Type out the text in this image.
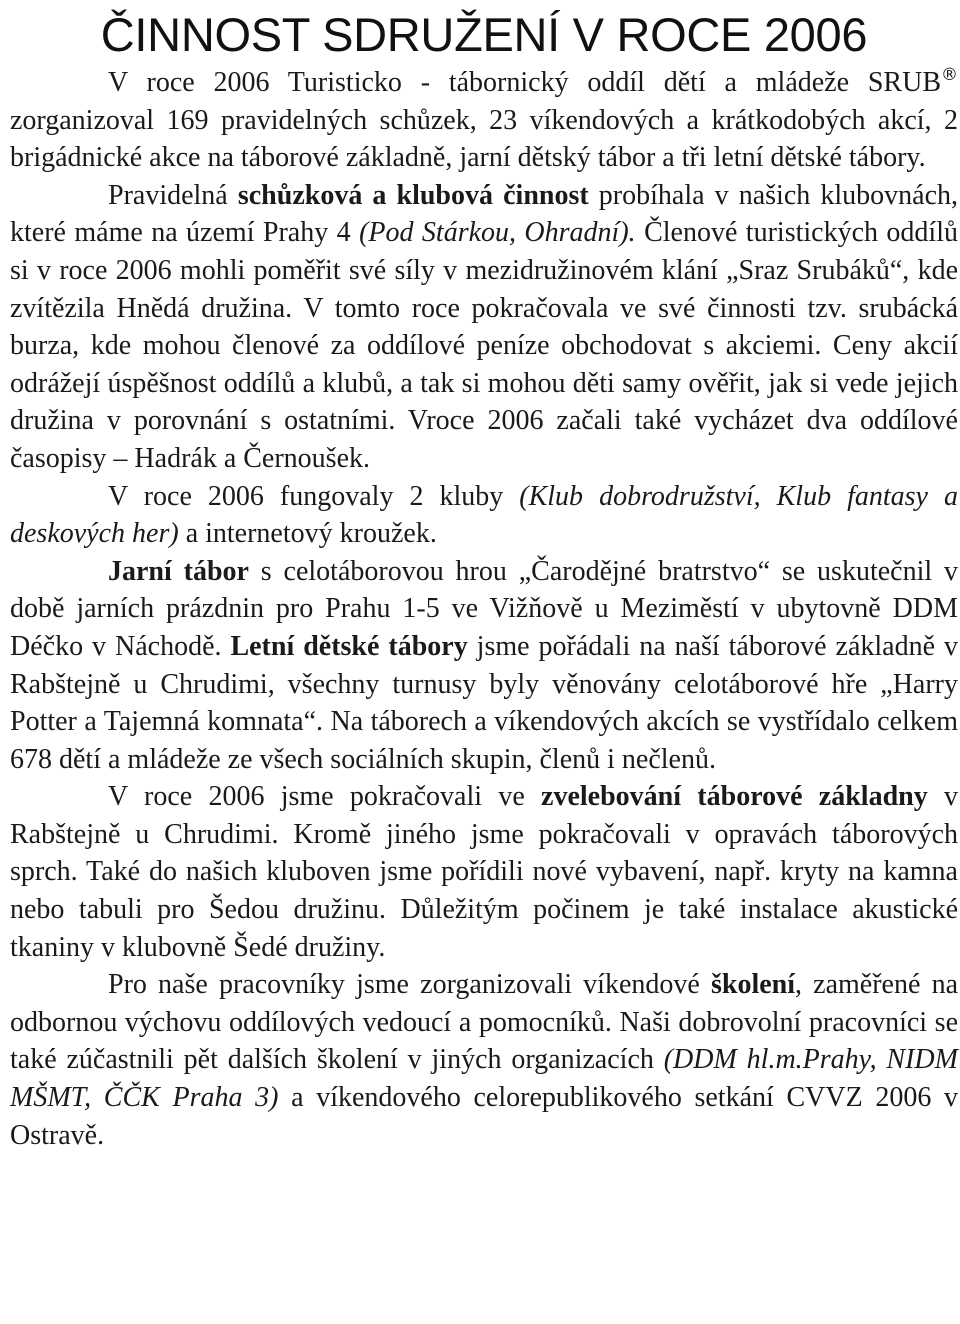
ČINNOST SDRUŽENÍ V ROCE 2006

V roce 2006 Turisticko - tábornický oddíl dětí a mládeže SRUB® zorganizoval 169 pravidelných schůzek, 23 víkendových a krátkodobých akcí, 2 brigádnické akce na táborové základně, jarní dětský tábor a tři letní dětské tábory.

Pravidelná schůzková a klubová činnost probíhala v našich klubovnách, které máme na území Prahy 4 (Pod Stárkou, Ohradní). Členové turistických oddílů si v roce 2006 mohli poměřit své síly v mezidružinovém klání „Sraz Srubáků“, kde zvítězila Hnědá družina. V tomto roce pokračovala ve své činnosti tzv. srubácká burza, kde mohou členové za oddílové peníze obchodovat s akciemi. Ceny akcií odrážejí úspěšnost oddílů a klubů, a tak si mohou děti samy ověřit, jak si vede jejich družina v porovnání s ostatními. Vroce 2006 začali také vycházet dva oddílové časopisy – Hadrák a Černoušek.

V roce 2006 fungovaly 2 kluby (Klub dobrodružství, Klub fantasy a deskových her) a internetový kroužek.

Jarní tábor s celotáborovou hrou „Čarodějné bratrstvo“ se uskutečnil v době jarních prázdnin pro Prahu 1-5 ve Vižňově u Meziměstí v ubytovně DDM Déčko v Náchodě. Letní dětské tábory jsme pořádali na naší táborové základně v Rabštejně u Chrudimi, všechny turnusy byly věnovány celotáborové hře „Harry Potter a Tajemná komnata“. Na táborech a víkendových akcích se vystřídalo celkem 678 dětí a mládeže ze všech sociálních skupin, členů i nečlenů.

V roce 2006 jsme pokračovali ve zvelebování táborové základny v Rabštejně u Chrudimi. Kromě jiného jsme pokračovali v opravách táborových sprch. Také do našich kluboven jsme pořídili nové vybavení, např. kryty na kamna nebo tabuli pro Šedou družinu. Důležitým počinem je také instalace akustické tkaniny v klubovně Šedé družiny.

Pro naše pracovníky jsme zorganizovali víkendové školení, zaměřené na odbornou výchovu oddílových vedoucí a pomocníků. Naši dobrovolní pracovníci se také zúčastnili pět dalších školení v jiných organizacích (DDM hl.m.Prahy, NIDM MŠMT, ČČK Praha 3) a víkendového celorepublikového setkání CVVZ 2006 v Ostravě.
